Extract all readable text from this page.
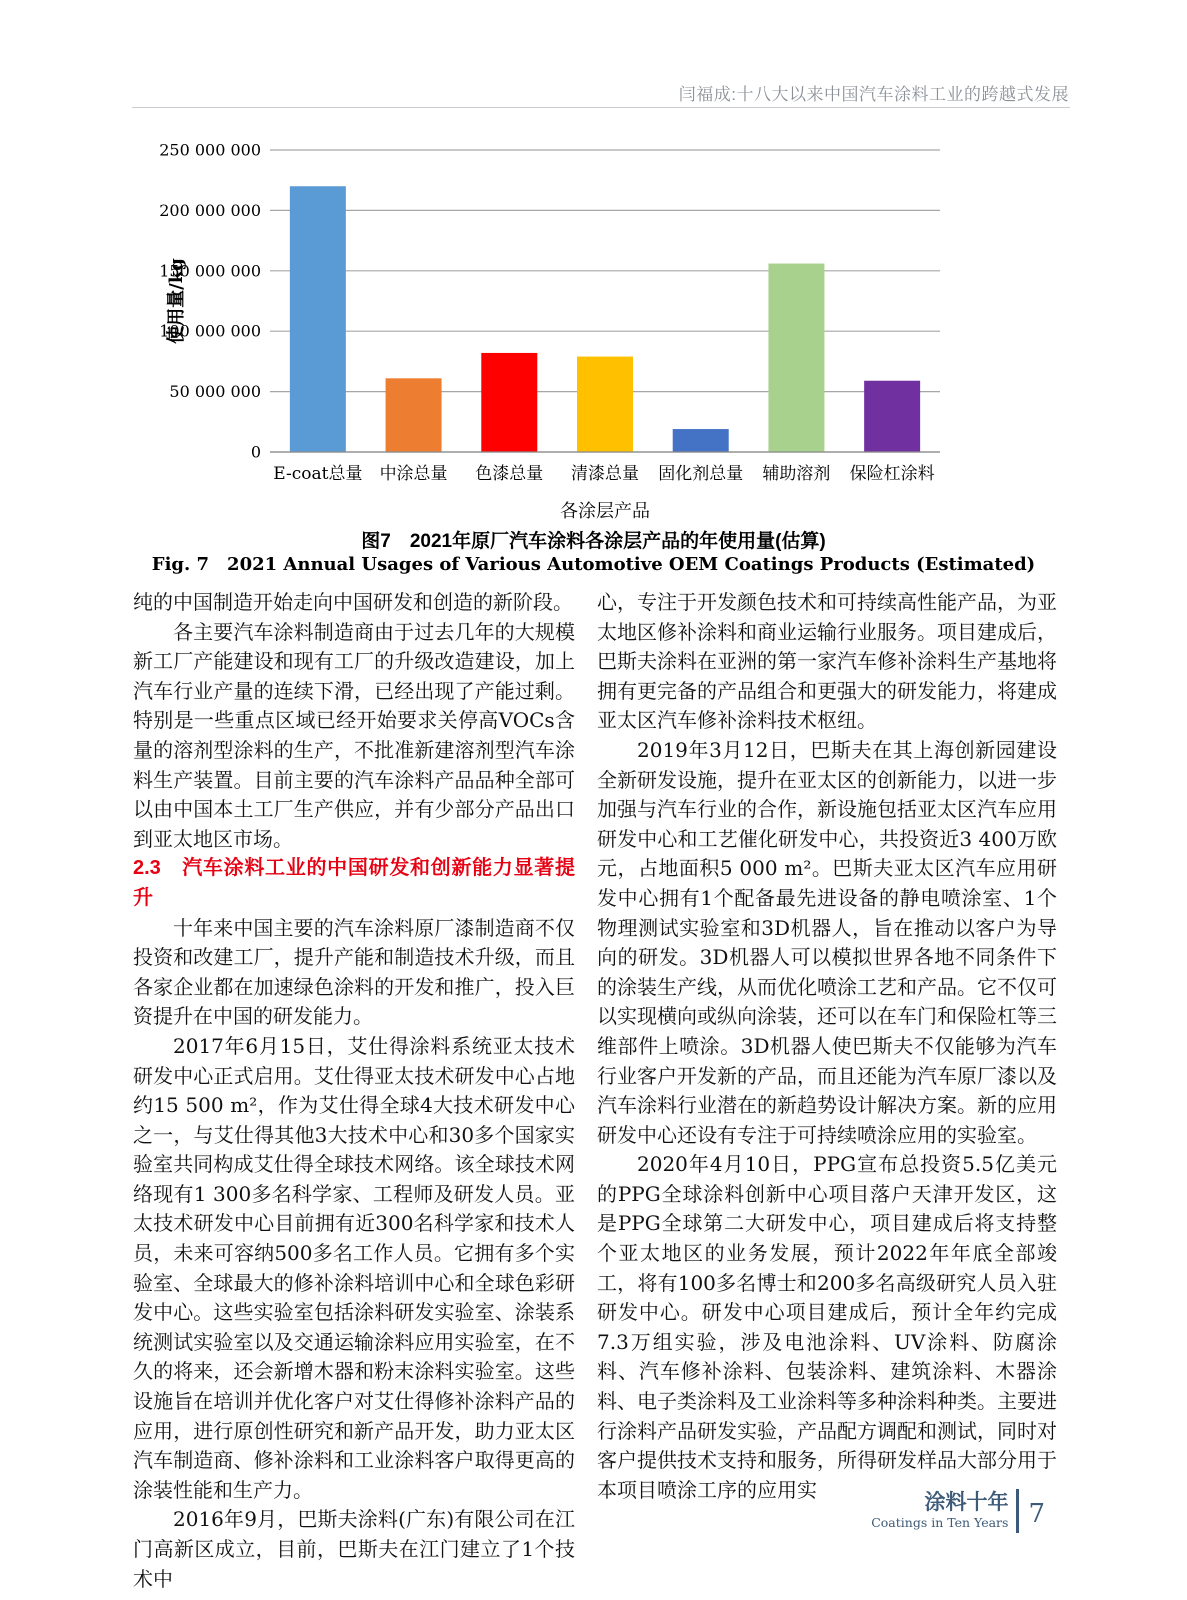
闫福成:十八大以来中国汽车涂料工业的跨越式发展
0
50 000 000
100 000 000
150 000 000
200 000 000
250 000 000
E-coat总量 中涂总量 色漆总量 清漆总量 固化剂总量 辅助溶剂 保险杠涂料
使用量/kg
各涂层产品
图7　2021年原厂汽车涂料各涂层产品的年使用量(估算)
Fig. 7　2021 Annual Usages of Various Automotive OEM Coatings Products (Estimated)

纯的中国制造开始走向中国研发和创造的新阶段。

各主要汽车涂料制造商由于过去几年的大规模新工厂产能建设和现有工厂的升级改造建设，加上汽车行业产量的连续下滑，已经出现了产能过剩。特别是一些重点区域已经开始要求关停高VOCs含量的溶剂型涂料的生产，不批准新建溶剂型汽车涂料生产装置。目前主要的汽车涂料产品品种全部可以由中国本土工厂生产供应，并有少部分产品出口到亚太地区市场。

2.3　汽车涂料工业的中国研发和创新能力显著提升

十年来中国主要的汽车涂料原厂漆制造商不仅投资和改建工厂，提升产能和制造技术升级，而且各家企业都在加速绿色涂料的开发和推广，投入巨资提升在中国的研发能力。

2017年6月15日，艾仕得涂料系统亚太技术研发中心正式启用。艾仕得亚太技术研发中心占地约15 500 m²，作为艾仕得全球4大技术研发中心之一，与艾仕得其他3大技术中心和30多个国家实验室共同构成艾仕得全球技术网络。该全球技术网络现有1 300多名科学家、工程师及研发人员。亚太技术研发中心目前拥有近300名科学家和技术人员，未来可容纳500多名工作人员。它拥有多个实验室、全球最大的修补涂料培训中心和全球色彩研发中心。这些实验室包括涂料研发实验室、涂装系统测试实验室以及交通运输涂料应用实验室，在不久的将来，还会新增木器和粉末涂料实验室。这些设施旨在培训并优化客户对艾仕得修补涂料产品的应用，进行原创性研究和新产品开发，助力亚太区汽车制造商、修补涂料和工业涂料客户取得更高的涂装性能和生产力。

2016年9月，巴斯夫涂料(广东)有限公司在江门高新区成立，目前，巴斯夫在江门建立了1个技术中

心，专注于开发颜色技术和可持续高性能产品，为亚太地区修补涂料和商业运输行业服务。项目建成后，巴斯夫涂料在亚洲的第一家汽车修补涂料生产基地将拥有更完备的产品组合和更强大的研发能力，将建成亚太区汽车修补涂料技术枢纽。

2019年3月12日，巴斯夫在其上海创新园建设全新研发设施，提升在亚太区的创新能力，以进一步加强与汽车行业的合作，新设施包括亚太区汽车应用研发中心和工艺催化研发中心，共投资近3 400万欧元，占地面积5 000 m²。巴斯夫亚太区汽车应用研发中心拥有1个配备最先进设备的静电喷涂室、1个物理测试实验室和3D机器人，旨在推动以客户为导向的研发。3D机器人可以模拟世界各地不同条件下的涂装生产线，从而优化喷涂工艺和产品。它不仅可以实现横向或纵向涂装，还可以在车门和保险杠等三维部件上喷涂。3D机器人使巴斯夫不仅能够为汽车行业客户开发新的产品，而且还能为汽车原厂漆以及汽车涂料行业潜在的新趋势设计解决方案。新的应用研发中心还设有专注于可持续喷涂应用的实验室。

2020年4月10日，PPG宣布总投资5.5亿美元的PPG全球涂料创新中心项目落户天津开发区，这是PPG全球第二大研发中心，项目建成后将支持整个亚太地区的业务发展，预计2022年年底全部竣工，将有100多名博士和200多名高级研究人员入驻研发中心。研发中心项目建成后，预计全年约完成7.3万组实验，涉及电池涂料、UV涂料、防腐涂料、汽车修补涂料、包装涂料、建筑涂料、木器涂料、电子类涂料及工业涂料等多种涂料种类。主要进行涂料产品研发实验，产品配方调配和测试，同时对客户提供技术支持和服务，所得研发样品大部分用于本项目喷涂工序的应用实

涂料十年
Coatings in Ten Years 7
